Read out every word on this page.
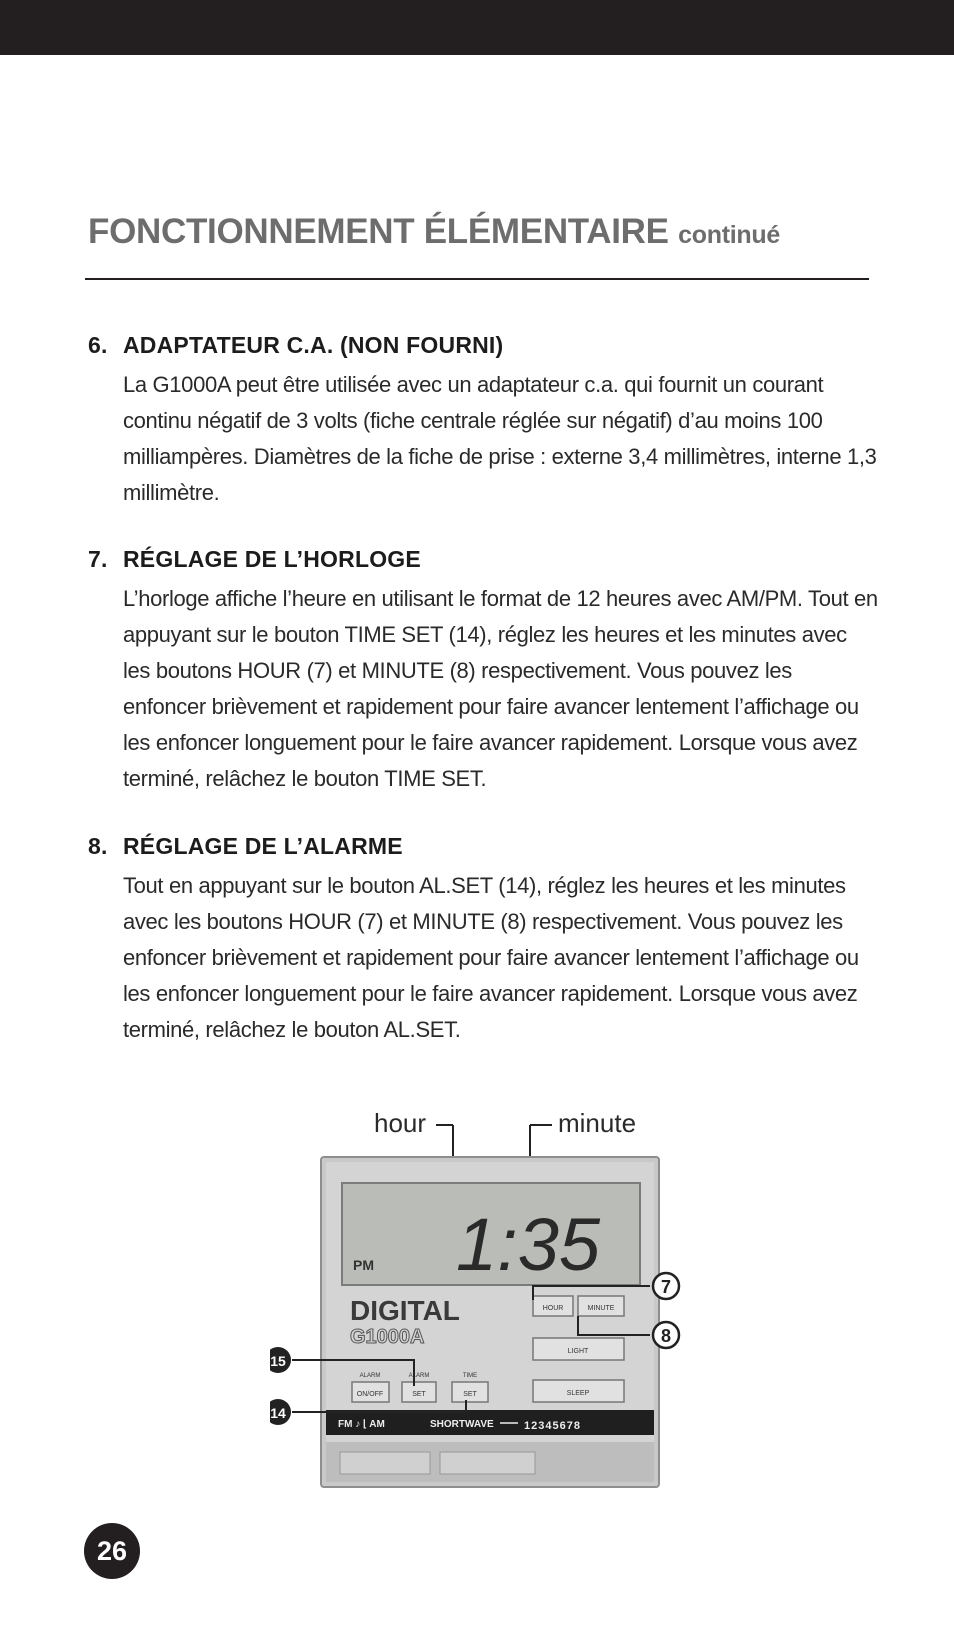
FONCTIONNEMENT ÉLÉMENTAIRE continué
6. ADAPTATEUR C.A. (NON FOURNI)

La G1000A peut être utilisée avec un adaptateur c.a. qui fournit un courant continu négatif de 3 volts (fiche centrale réglée sur négatif) d’au moins 100 milliampères. Diamètres de la fiche de prise : externe 3,4 millimètres, interne 1,3 millimètre.

7. RÉGLAGE DE L’HORLOGE

L’horloge affiche l’heure en utilisant le format de 12 heures avec AM/PM. Tout en appuyant sur le bouton TIME SET (14), réglez les heures et les minutes avec les boutons HOUR (7) et MINUTE (8) respectivement. Vous pouvez les enfoncer brièvement et rapidement pour faire avancer lentement l’affichage ou les enfoncer longuement pour le faire avancer rapidement. Lorsque vous avez terminé, relâchez le bouton TIME SET.

8. RÉGLAGE DE L’ALARME

Tout en appuyant sur le bouton AL.SET (14), réglez les heures et les minutes avec les boutons HOUR (7) et MINUTE (8) respectivement. Vous pouvez les enfoncer brièvement et rapidement pour faire avancer lentement l’affichage ou les enfoncer longuement pour le faire avancer rapidement. Lorsque vous avez terminé, relâchez le bouton AL.SET.

hour	minute
PM 1:35
DIGITAL
G1000A
HOUR	MINUTE
LIGHT
SLEEP
ALARM	ALARM	TIME
ON/OFF	SET	SET
FM ♪ ⌊ AM	SHORTWAVE	12345678
7
8
15
14
26
